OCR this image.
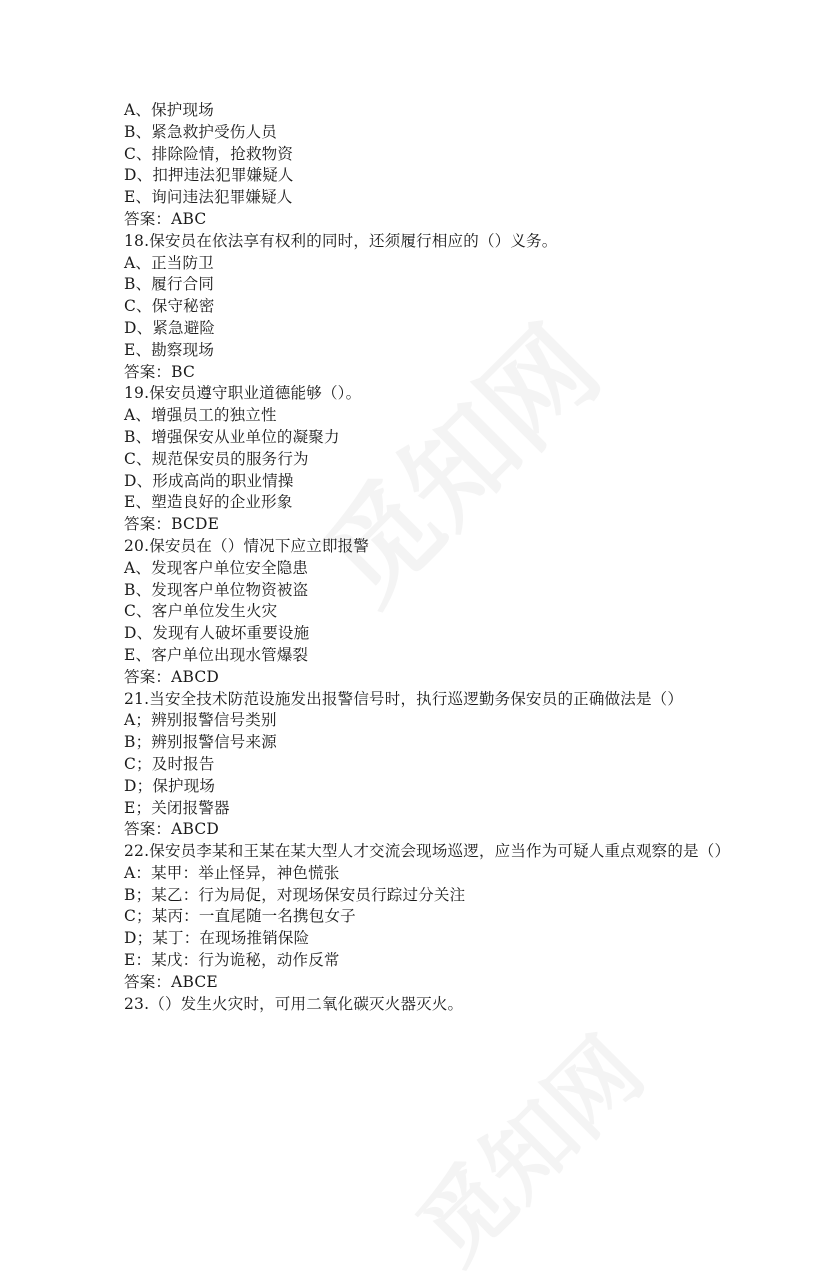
A、保护现场
B、紧急救护受伤人员
C、排除险情，抢救物资
D、扣押违法犯罪嫌疑人
E、询问违法犯罪嫌疑人
答案：ABC
18.保安员在依法享有权利的同时，还须履行相应的（）义务。
A、正当防卫
B、履行合同
C、保守秘密
D、紧急避险
E、勘察现场
答案：BC
19.保安员遵守职业道德能够（）。
A、增强员工的独立性
B、增强保安从业单位的凝聚力
C、规范保安员的服务行为
D、形成高尚的职业情操
E、塑造良好的企业形象
答案：BCDE
20.保安员在（）情况下应立即报警
A、发现客户单位安全隐患
B、发现客户单位物资被盗
C、客户单位发生火灾
D、发现有人破坏重要设施
E、客户单位出现水管爆裂
答案：ABCD
21.当安全技术防范设施发出报警信号时，执行巡逻勤务保安员的正确做法是（）
A；辨别报警信号类别
B；辨别报警信号来源
C；及时报告
D；保护现场
E；关闭报警器
答案：ABCD
22.保安员李某和王某在某大型人才交流会现场巡逻，应当作为可疑人重点观察的是（）
A：某甲：举止怪异，神色慌张
B；某乙：行为局促，对现场保安员行踪过分关注
C；某丙：一直尾随一名携包女子
D；某丁：在现场推销保险
E：某戊：行为诡秘，动作反常
答案：ABCE
23.（）发生火灾时，可用二氧化碳灭火器灭火。
